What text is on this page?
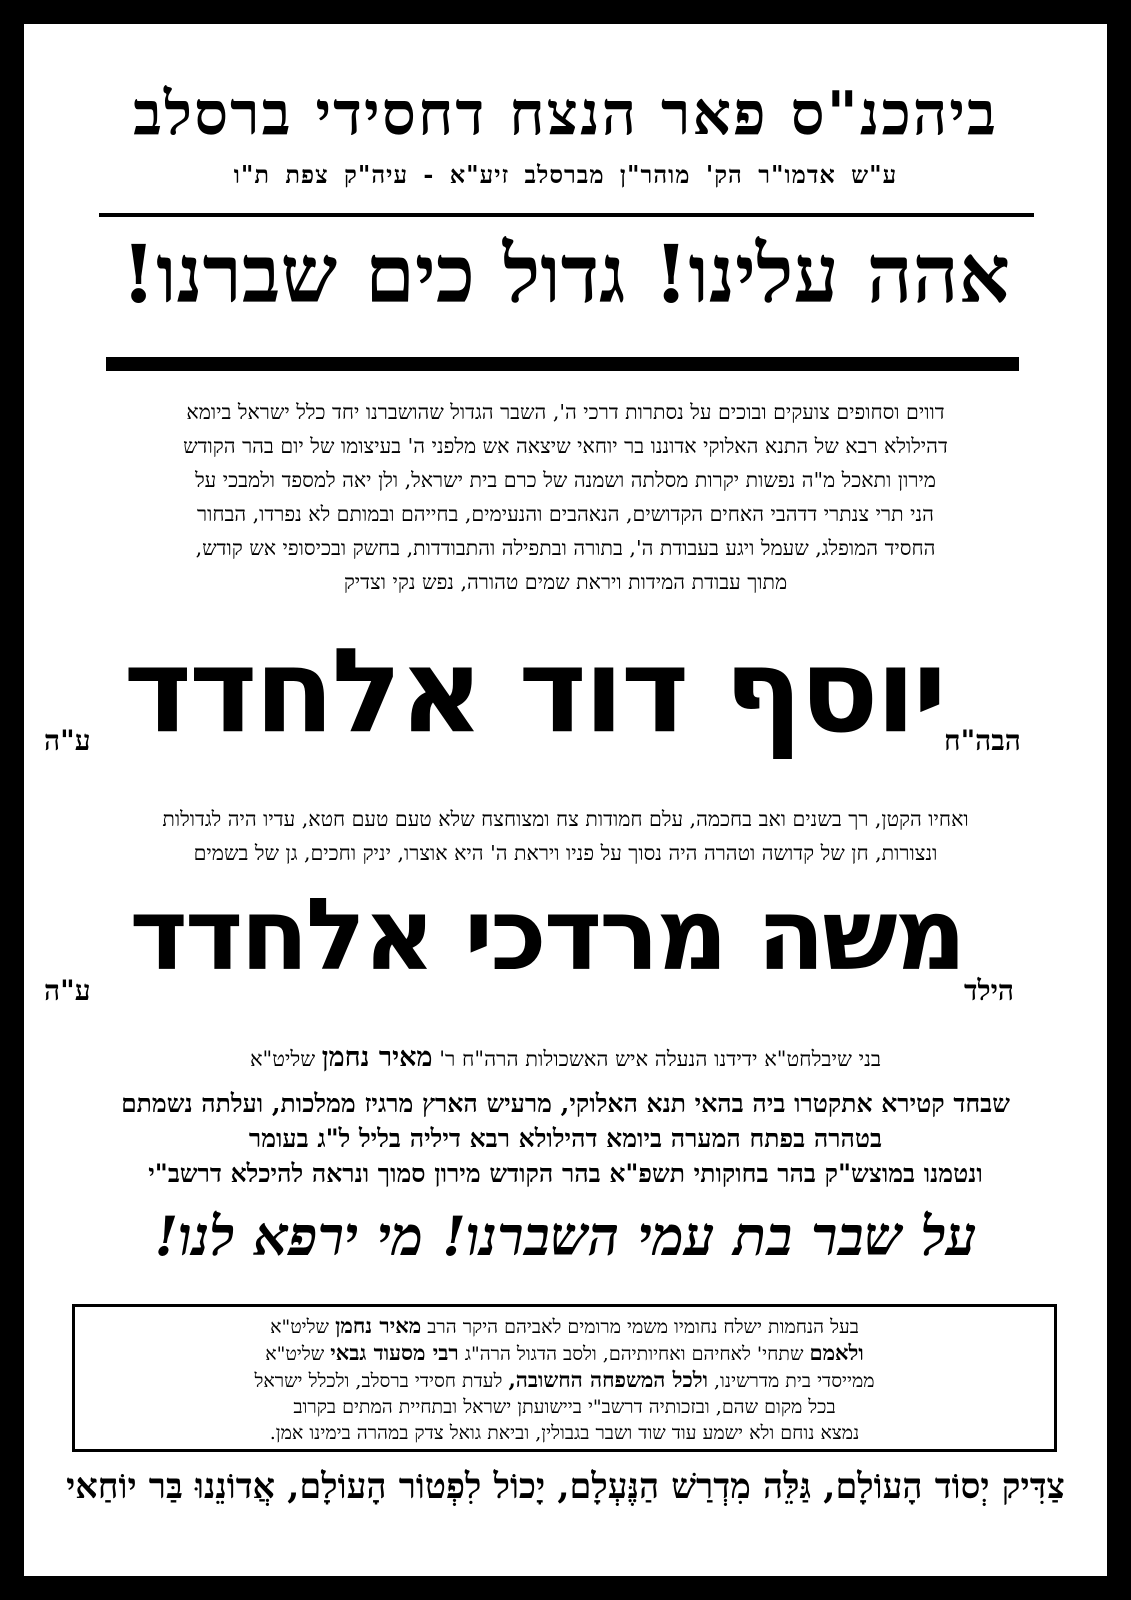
ביהכנ"ס פאר הנצח דחסידי ברסלב
ע"ש אדמו"ר הק' מוהר"ן מברסלב זיע"א - עיה"ק צפת ת"ו
אהה עלינו! גדול כים שברנו!
דווים וסחופים צועקים ובוכים על נסתרות דרכי ה', השבר הגדול שהושברנו יחד כלל ישראל ביומא
דהילולא רבא של התנא האלוקי אדוננו בר יוחאי שיצאה אש מלפני ה' בעיצומו של יום בהר הקודש
מירון ותאכל מ"ה נפשות יקרות מסלתה ושמנה של כרם בית ישראל, ולן יאה למספד ולמבכי על
הני תרי צנתרי דדהבי האחים הקדושים, הנאהבים והנעימים, בחייהם ובמותם לא נפרדו, הבחור
החסיד המופלג, שעמל ויגע בעבודת ה', בתורה ובתפילה והתבודדות, בחשק ובכיסופי אש קודש,
מתוך עבודת המידות ויראת שמים טהורה, נפש נקי וצדיק
ע"ה יוסף דוד אלחדד הבה"ח
ואחיו הקטן, רך בשנים ואב בחכמה, עלם חמודות צח ומצוחצח שלא טעם טעם חטא, עדיו היה לגדולות
ונצורות, חן של קדושה וטהרה היה נסוך על פניו ויראת ה' היא אוצרו, יניק וחכים, גן של בשמים
ע"ה משה מרדכי אלחדד הילד
בני שיבלחט"א ידידנו הנעלה איש האשכולות הרה"ח ר' מאיר נחמן שליט"א
שבחד קטירא אתקטרו ביה בהאי תנא האלוקי, מרעיש הארץ מרגיז ממלכות, ועלתה נשמתם
בטהרה בפתח המערה ביומא דהילולא רבא דיליה בליל ל"ג בעומר
ונטמנו במוצש"ק בהר בחוקותי תשפ"א בהר הקודש מירון סמוך ונראה להיכלא דרשב"י
על שבר בת עמי השברנו! מי ירפא לנו!
בעל הנחמות ישלח נחומיו משמי מרומים לאביהם היקר הרב מאיר נחמן שליט"א
ולאמם שתחי' לאחיהם ואחיותיהם, ולסב הדגול הרה"ג רבי מסעוד גבאי שליט"א
ממייסדי בית מדרשינו, ולכל המשפחה החשובה, לעדת חסידי ברסלב, ולכלל ישראל
בכל מקום שהם, ובזכותיה דרשב"י ביישועתן ישראל ובתחיית המתים בקרוב
נמצא נוחם ולא ישמע עוד שוד ושבר בגבולין, וביאת גואל צדק במהרה בימינו אמן.
צַדִּיק יְסוֹד הָעוֹלָם, גַּלֵּה מִדְרַשׁ הַנֶּעְלָם, יָכוֹל לִפְטוֹר הָעוֹלָם, אֲדוֹנֵנוּ בַּר יוֹחַאי
